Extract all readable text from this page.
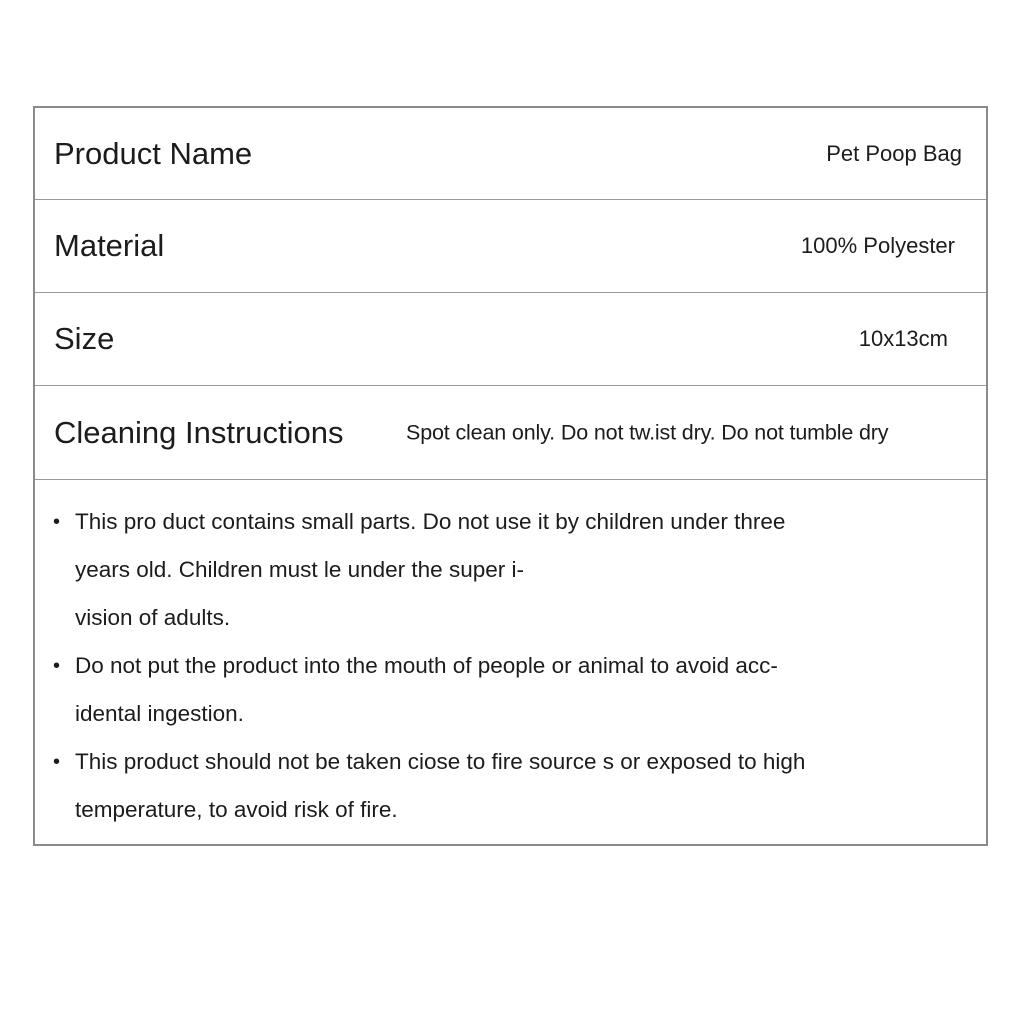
Product Name	Pet Poop Bag
Material	100% Polyester
Size	10x13cm
Cleaning Instructions	Spot clean only. Do not tw.ist dry. Do not tumble dry
• This pro duct contains small parts. Do not use it by children under three
years old. Children must le under the super i-
vision of adults.
• Do not put the product into the mouth of people or animal to avoid acc-
idental ingestion.
• This product should not be taken ciose to fire source s or exposed to high
temperature, to avoid risk of fire.
